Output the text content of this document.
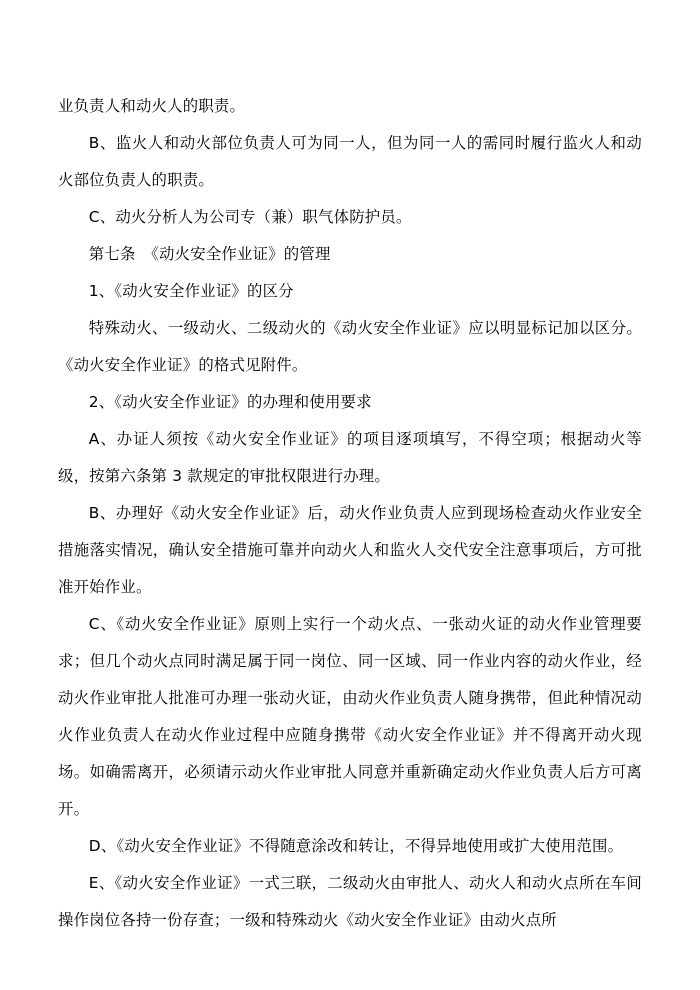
业负责人和动火人的职责。

B、监火人和动火部位负责人可为同一人，但为同一人的需同时履行监火人和动火部位负责人的职责。

C、动火分析人为公司专（兼）职气体防护员。

第七条　《动火安全作业证》的管理

1、《动火安全作业证》的区分

特殊动火、一级动火、二级动火的《动火安全作业证》应以明显标记加以区分。《动火安全作业证》的格式见附件。

2、《动火安全作业证》的办理和使用要求

A、办证人须按《动火安全作业证》的项目逐项填写，不得空项；根据动火等级，按第六条第 3 款规定的审批权限进行办理。

B、办理好《动火安全作业证》后，动火作业负责人应到现场检查动火作业安全措施落实情况，确认安全措施可靠并向动火人和监火人交代安全注意事项后，方可批准开始作业。

C、《动火安全作业证》原则上实行一个动火点、一张动火证的动火作业管理要求；但几个动火点同时满足属于同一岗位、同一区域、同一作业内容的动火作业，经动火作业审批人批准可办理一张动火证，由动火作业负责人随身携带，但此种情况动火作业负责人在动火作业过程中应随身携带《动火安全作业证》并不得离开动火现场。如确需离开，必须请示动火作业审批人同意并重新确定动火作业负责人后方可离开。

D、《动火安全作业证》不得随意涂改和转让，不得异地使用或扩大使用范围。

E、《动火安全作业证》一式三联，二级动火由审批人、动火人和动火点所在车间操作岗位各持一份存查；一级和特殊动火《动火安全作业证》由动火点所
